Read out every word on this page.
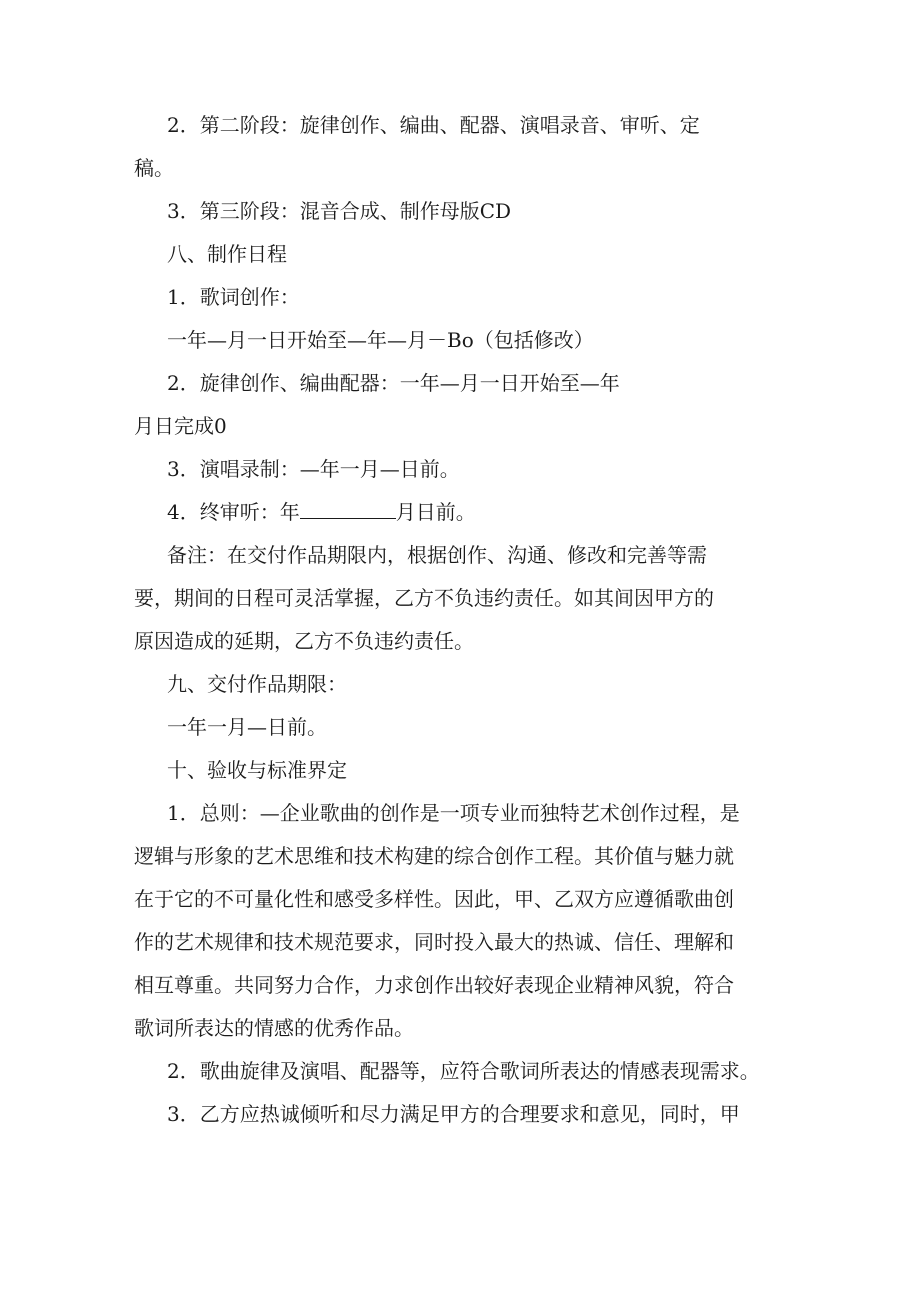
2．第二阶段：旋律创作、编曲、配器、演唱录音、审听、定
稿。
3．第三阶段：混音合成、制作母版CD
八、制作日程
1．歌词创作：
一年—月一日开始至—年—月－Bo（包括修改）
2．旋律创作、编曲配器：一年—月一日开始至—年
月日完成0
3．演唱录制：—年一月—日前。
4．终审听：年	月日前。
备注：在交付作品期限内，根据创作、沟通、修改和完善等需
要，期间的日程可灵活掌握，乙方不负违约责任。如其间因甲方的
原因造成的延期，乙方不负违约责任。
九、交付作品期限：
一年一月—日前。
十、验收与标准界定
1．总则：—企业歌曲的创作是一项专业而独特艺术创作过程，是
逻辑与形象的艺术思维和技术构建的综合创作工程。其价值与魅力就
在于它的不可量化性和感受多样性。因此，甲、乙双方应遵循歌曲创
作的艺术规律和技术规范要求，同时投入最大的热诚、信任、理解和
相互尊重。共同努力合作，力求创作出较好表现企业精神风貌，符合
歌词所表达的情感的优秀作品。
2．歌曲旋律及演唱、配器等，应符合歌词所表达的情感表现需求。
3．乙方应热诚倾听和尽力满足甲方的合理要求和意见，同时，甲
